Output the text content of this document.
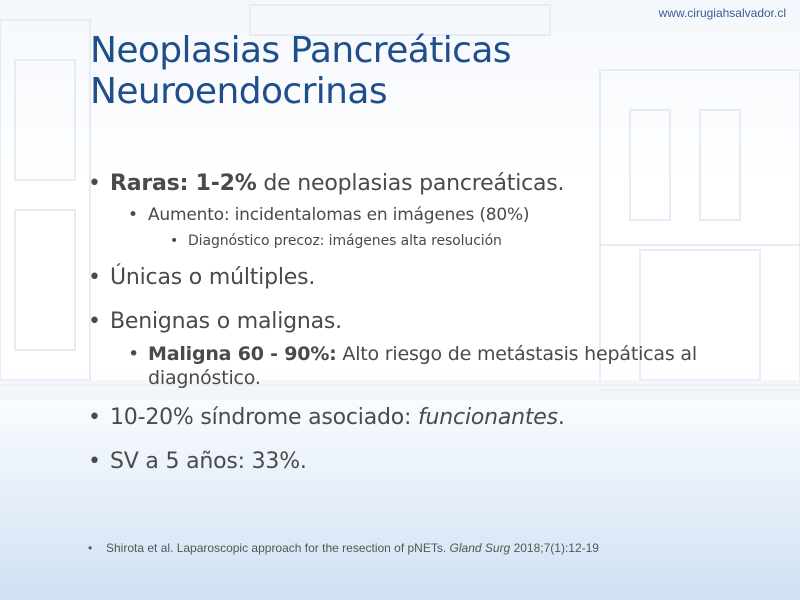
www.cirugiahsalvador.cl
Neoplasias Pancreáticas
Neuroendocrinas
• Raras: 1-2% de neoplasias pancreáticas.
• Aumento: incidentalomas en imágenes (80%)
• Diagnóstico precoz: imágenes alta resolución
• Únicas o múltiples.
• Benignas o malignas.
• Maligna 60 - 90%: Alto riesgo de metástasis hepáticas al diagnóstico.
• 10-20% síndrome asociado: funcionantes.
• SV a 5 años: 33%.
•	Shirota et al. Laparoscopic approach for the resection of pNETs. Gland Surg 2018;7(1):12-19
